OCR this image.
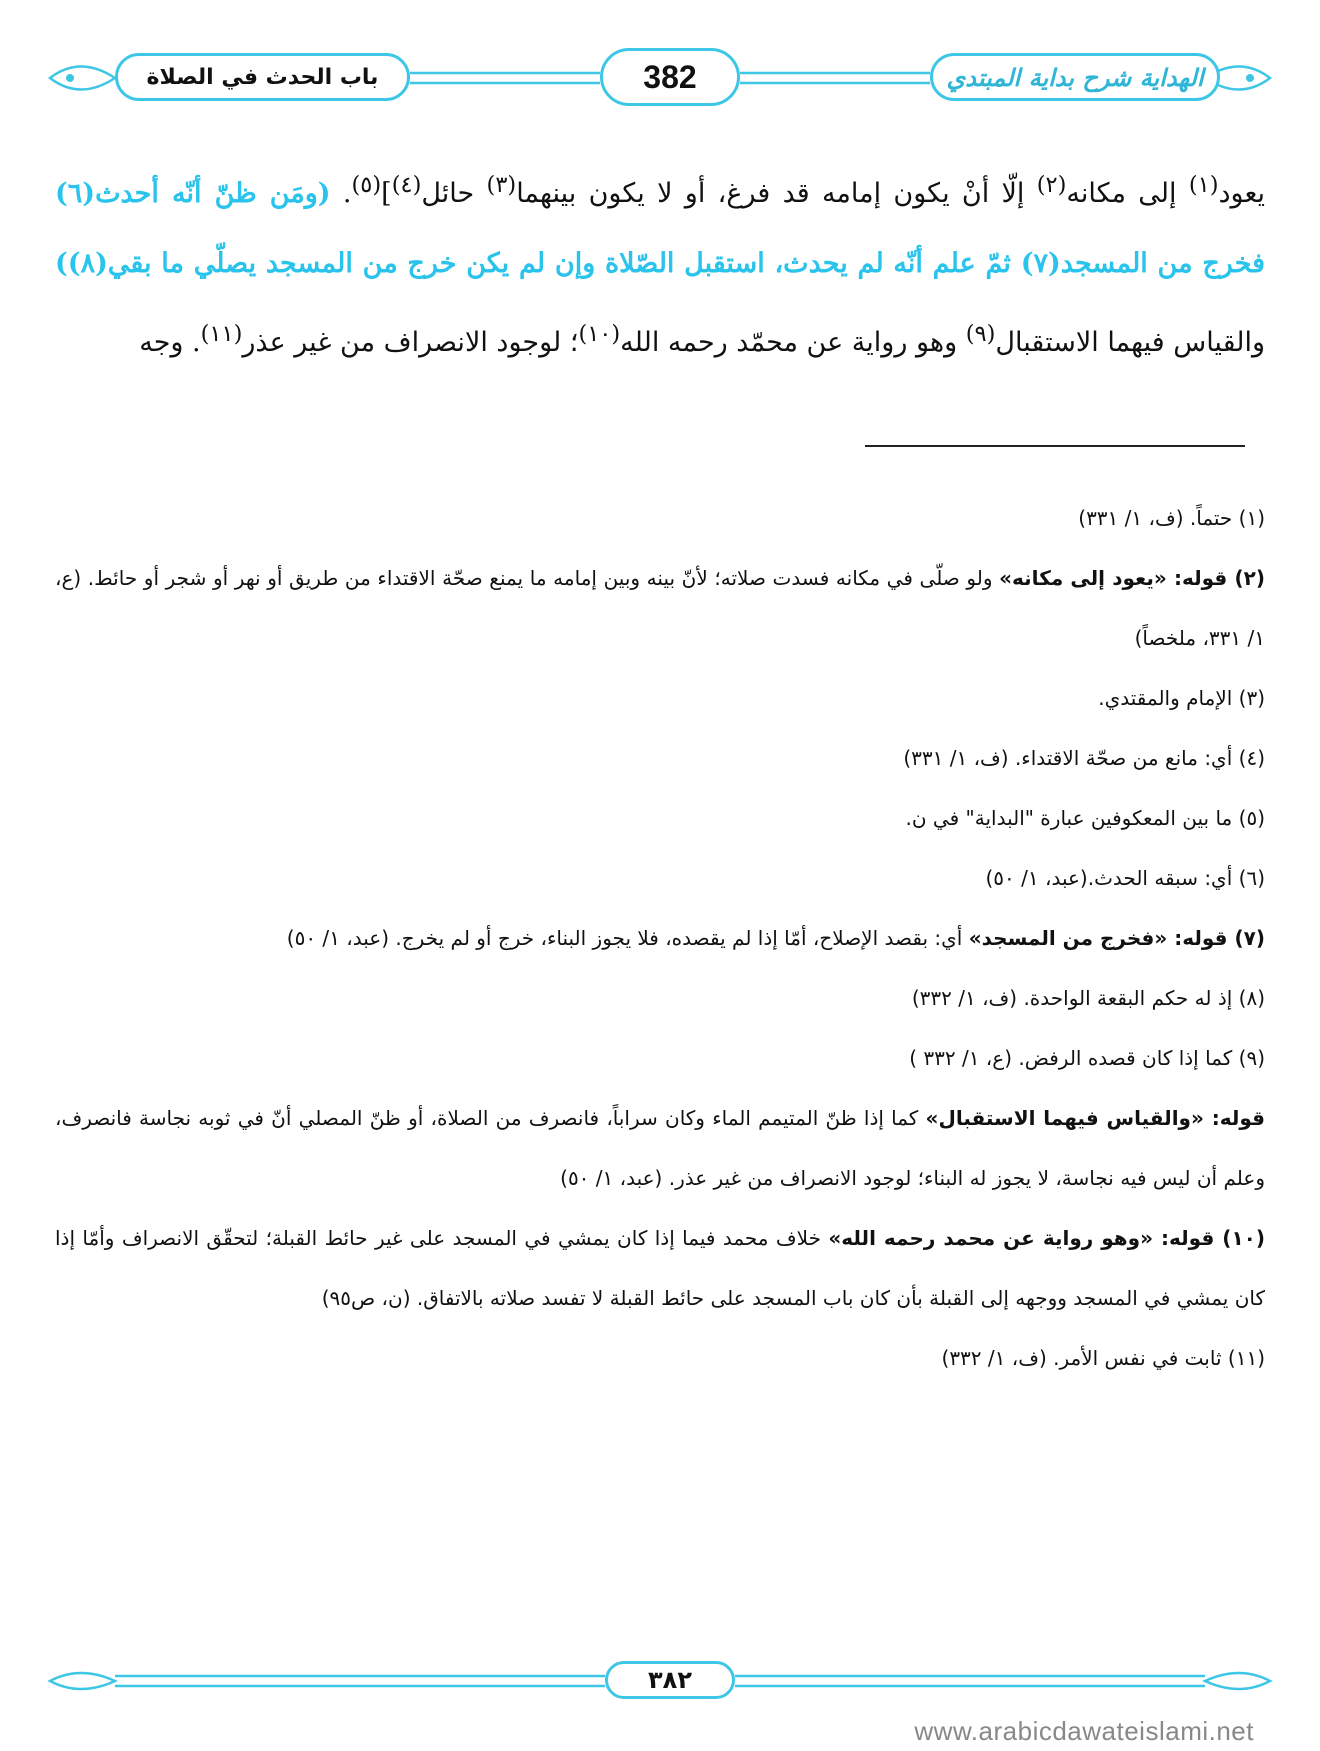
باب الحدث في الصلاة	382	الهداية شرح بداية المبتدي
يعود$^{(١)}$ إلى مكانه$^{(٢)}$ إلّا أنْ يكون إمامه قد فرغ، أو لا يكون بينهما$^{(٣)}$ حائل$^{(٤)}$]$^{(٥)}$. (ومَن ظنّ أنّه أحدث(٦) فخرج من المسجد(٧) ثمّ علم أنّه لم يحدث، استقبل الصّلاة وإن لم يكن خرج من المسجد يصلّي ما بقي(٨)) والقياس فيهما الاستقبال$^{(٩)}$ وهو رواية عن محمّد رحمه الله$^{(١٠)}$؛ لوجود الانصراف من غير عذر$^{(١١)}$. وجه
(١) حتماً. (ف، ١/ ٣٣١)
(٢) قوله: «يعود إلى مكانه» ولو صلّى في مكانه فسدت صلاته؛ لأنّ بينه وبين إمامه ما يمنع صحّة الاقتداء من طريق أو نهر أو شجر أو حائط. (ع، ١/ ٣٣١، ملخصاً)
(٣) الإمام والمقتدي.
(٤) أي: مانع من صحّة الاقتداء. (ف، ١/ ٣٣١)
(٥) ما بين المعكوفين عبارة "البداية" في ن.
(٦) أي: سبقه الحدث.(عبد، ١/ ٥٠)
(٧) قوله: «فخرج من المسجد» أي: بقصد الإصلاح، أمّا إذا لم يقصده، فلا يجوز البناء، خرج أو لم يخرج. (عبد، ١/ ٥٠)
(٨) إذ له حكم البقعة الواحدة. (ف، ١/ ٣٣٢)
(٩) كما إذا كان قصده الرفض. (ع، ١/ ٣٣٢ )
قوله: «والقياس فيهما الاستقبال» كما إذا ظنّ المتيمم الماء وكان سراباً، فانصرف من الصلاة، أو ظنّ المصلي أنّ في ثوبه نجاسة فانصرف، وعلم أن ليس فيه نجاسة، لا يجوز له البناء؛ لوجود الانصراف من غير عذر. (عبد، ١/ ٥٠)
(١٠) قوله: «وهو رواية عن محمد رحمه الله» خلاف محمد فيما إذا كان يمشي في المسجد على غير حائط القبلة؛ لتحقّق الانصراف وأمّا إذا كان يمشي في المسجد ووجهه إلى القبلة بأن كان باب المسجد على حائط القبلة لا تفسد صلاته بالاتفاق. (ن، ص٩٥)
(١١) ثابت في نفس الأمر. (ف، ١/ ٣٣٢)
٣٨٢
www.arabicdawateislami.net
